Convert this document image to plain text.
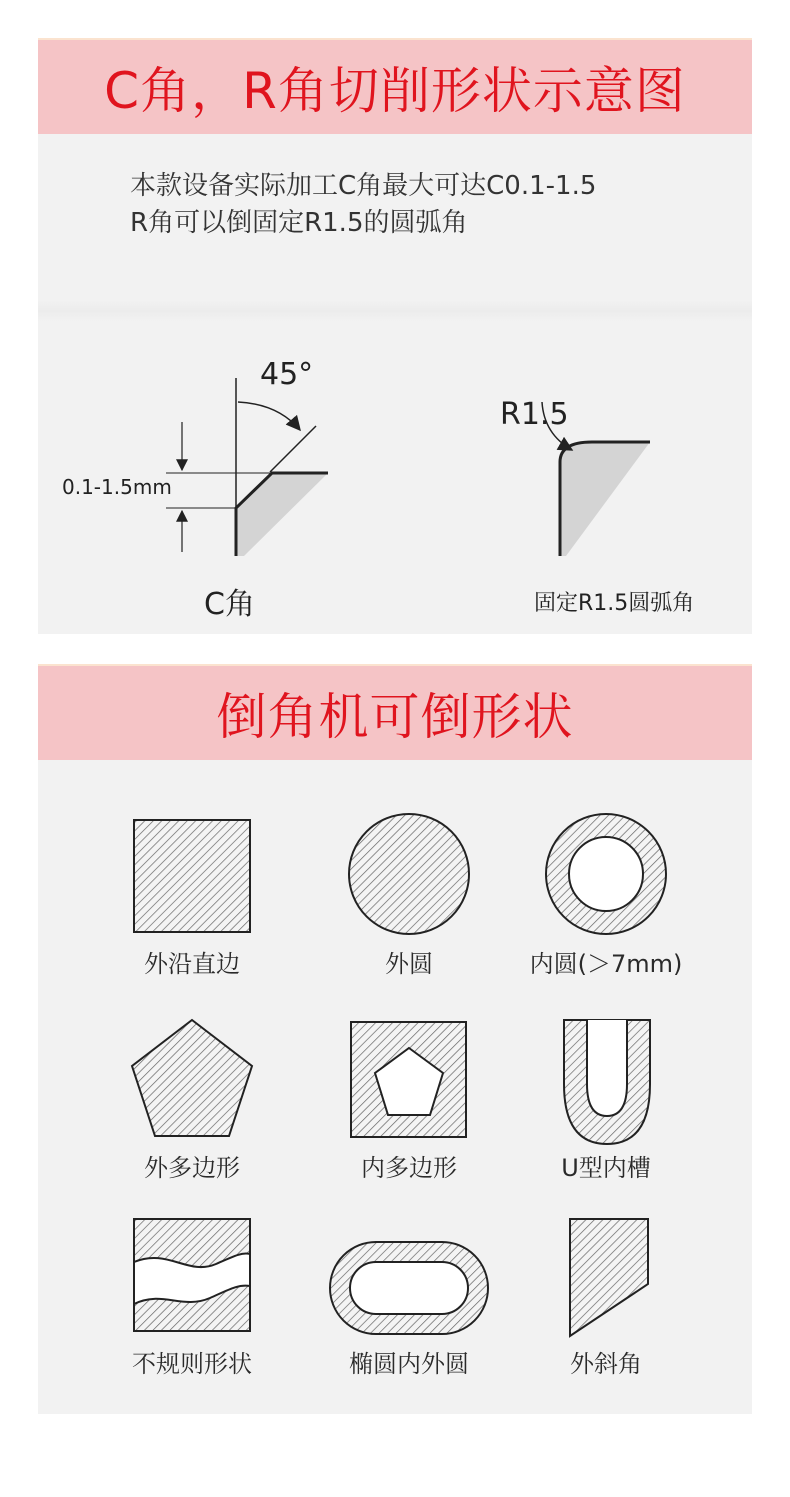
C角，R角切削形状示意图
本款设备实际加工C角最大可达C0.1-1.5
R角可以倒固定R1.5的圆弧角
45°
0.1-1.5mm
C角
R1.5
固定R1.5圆弧角
倒角机可倒形状
外沿直边	外圆	内圆(＞7mm)
外多边形	内多边形	U型内槽
不规则形状	椭圆内外圆	外斜角
